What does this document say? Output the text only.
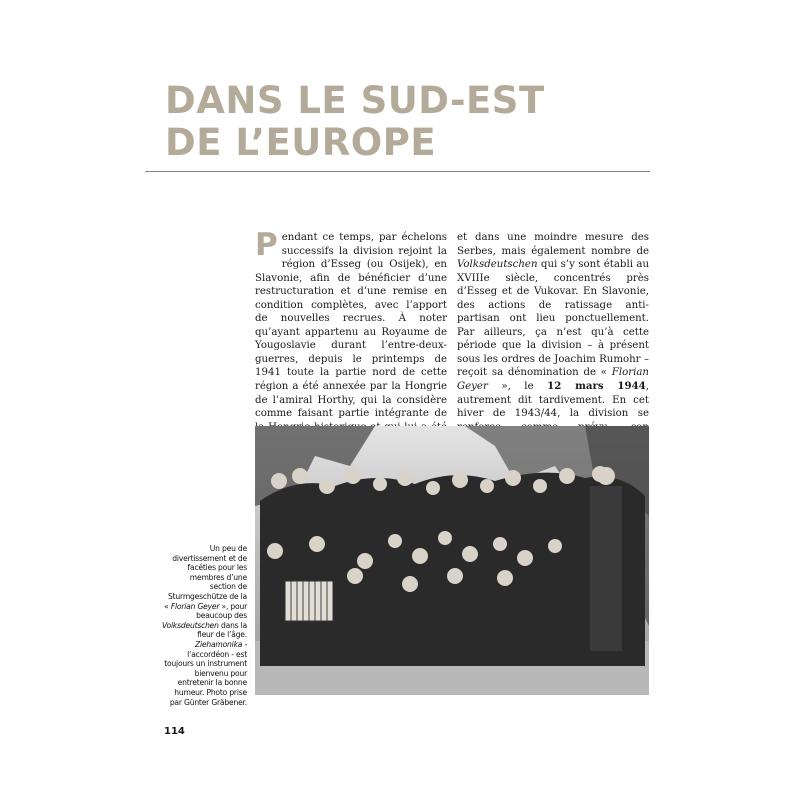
DANS LE SUD-EST
DE L’EUROPE

Pendant ce temps, par échelons successifs la division rejoint la région d’Esseg (ou Osijek), en Slavonie, afin de bénéficier d’une restructuration et d’une remise en condition complètes, avec l’apport de nouvelles recrues. À noter qu’ayant appartenu au Royaume de Yougoslavie durant l’entre-deux-guerres, depuis le printemps de 1941 toute la partie nord de cette région a été annexée par la Hongrie de l’amiral Horthy, qui la considère comme faisant partie intégrante de

et dans une moindre mesure des Serbes, mais également nombre de Volksdeutschen qui s’y sont établi au XVIIIe siècle, concentrés près d’Esseg et de Vukovar. En Slavonie, des actions de ratissage anti-partisan ont lieu ponctuellement. Par ailleurs, ça n’est qu’à cette période que la division – à présent sous les ordres de Joachim Rumohr – reçoit sa dénomination de « Florian Geyer », le 12 mars 1944, autrement dit tardivement. En cet hiver de 1943/44, la division se

Un peu de divertissement et de facéties pour les membres d’une section de Sturmgeschütze de la « Florian Geyer », pour beaucoup des Volksdeutschen dans la fleur de l’âge. Ziehamonika - l’accordéon - est toujours un instrument bienvenu pour entretenir la bonne humeur. Photo prise par Günter Gräbener.

114
